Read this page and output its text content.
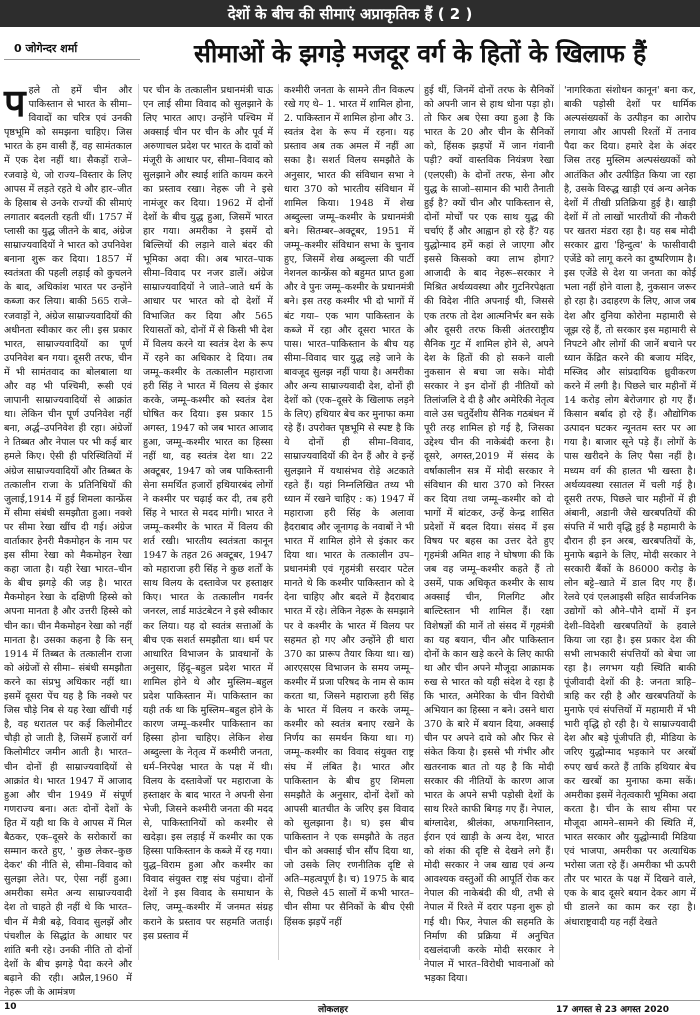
देशों के बीच की सीमाएं अप्राकृतिक हैं ( 2 )
0 जोगेन्दर शर्मा	सीमाओं के झगड़े मजदूर वर्ग के हितों के खिलाफ हैं
प हले तो हमें चीन और पाकिस्तान से भारत के सीमा–विवादों का चरित्र एवं उनकी पृष्ठभूमि को समझना चाहिए। जिस भारत के हम वासी हैं, वह सामंतकाल में एक देश नहीं था। सैकड़ों राजे–रजवाड़े थे, जो राज्य–विस्तार के लिए आपस में लड़ते रहते थे और हार–जीत के हिसाब से उनके राज्यों की सीमाएं लगातार बदलती रहती थीं। 1757 में प्लासी का युद्ध जीतने के बाद, अंग्रेज साम्राज्यवादियों ने भारत को उपनिवेश बनाना शुरू कर दिया। 1857 में स्वतंत्रता की पहली लड़ाई को कुचलने के बाद, अधिकांश भारत पर उन्होंने कब्जा कर लिया। बाकी 565 राजे–रजवाड़ों ने, अंग्रेज साम्राज्यवादियों की अधीनता स्वीकार कर ली। इस प्रकार भारत, साम्राज्यवादियों का पूर्ण उपनिवेश बन गया। दूसरी तरफ, चीन में भी सामंतवाद का बोलबाला था और वह भी पश्चिमी, रूसी एवं जापानी साम्राज्यवादियों से आक्रांत था। लेकिन चीन पूर्ण उपनिवेश नहीं बना, अर्द्ध–उपनिवेश ही रहा। अंग्रेजों ने तिब्बत और नेपाल पर भी कई बार हमले किए। ऐसी ही परिस्थितियों में अंग्रेज साम्राज्यवादियों और तिब्बत के तत्कालीन राजा के प्रतिनिधियों की जुलाई,1914 में हुई शिमला कान्फ्रेंस में सीमा संबंधी समझौता हुआ। नक्शे पर सीमा रेखा खींच दी गई। अंग्रेज वार्ताकार हेनरी मैकमोहन के नाम पर इस सीमा रेखा को मैकमोहन रेखा कहा जाता है। यही रेखा भारत–चीन के बीच झगड़े की जड़ है। भारत मैकमोहन रेखा के दक्षिणी हिस्से को अपना मानता है और उत्तरी हिस्से को चीन का। चीन मैकमोहन रेखा को नहीं मानता है। उसका कहना है कि सन् 1914 में तिब्बत के तत्कालीन राजा को अंग्रेजों से सीमा– संबंधी समझौता करने का संप्रभु अधिकार नहीं था। इसमें दूसरा पेंच यह है कि नक्शे पर जिस चौड़े निब से यह रेखा खींची गई है, वह धरातल पर कई किलोमीटर चौड़ी हो जाती है, जिसमें हजारों वर्ग किलोमीटर जमीन आती है। भारत–चीन दोनों ही साम्राज्यवादियों से आक्रांत थे। भारत 1947 में आजाद हुआ और चीन 1949 में संपूर्ण गणराज्य बना। अतः दोनों देशों के हित में यही था कि वे आपस में मिल बैठकर, एक–दूसरे के सरोकारों का सम्मान करते हुए, ' कुछ लेकर–कुछ देकर' की नीति से, सीमा–विवाद को सुलझा लेते। पर, ऐसा नहीं हुआ। अमरीका समेत अन्य साम्राज्यवादी देश तो चाहते ही नहीं थे कि भारत–चीन में मैत्री बढ़े, विवाद सुलझें और पंचशील के सिद्धांत के आधार पर शांति बनी रहे। उनकी नीति तो दोनों देशों के बीच झगड़े पैदा करने और बढ़ाने की रही। अप्रैल,1960 में नेहरू जी के आमंत्रण
पर चीन के तत्कालीन प्रधानमंत्री चाऊ एन लाई सीमा विवाद को सुलझाने के लिए भारत आए। उन्होंने पश्चिम में अक्साई चीन पर चीन के और पूर्व में अरुणाचल प्रदेश पर भारत के दावों को मंजूरी के आधार पर, सीमा–विवाद को सुलझाने और स्थाई शांति कायम करने का प्रस्ताव रखा। नेहरू जी ने इसे नामंजूर कर दिया। 1962 में दोनों देशों के बीच युद्ध हुआ, जिसमें भारत हार गया। अमरीका ने इसमें दो बिल्लियों की लड़ाने वाले बंदर की भूमिका अदा की। अब भारत–पाक सीमा–विवाद पर नजर डालें। अंग्रेज साम्राज्यवादियों ने जाते–जाते धर्म के आधार पर भारत को दो देशों में विभाजित कर दिया और 565 रियासतों को, दोनों में से किसी भी देश में विलय करने या स्वतंत्र देश के रूप में रहने का अधिकार दे दिया। तब जम्मू–कश्मीर के तत्कालीन महाराजा हरी सिंह ने भारत में विलय से इंकार करके, जम्मू–कश्मीर को स्वतंत्र देश घोषित कर दिया। इस प्रकार 15 अगस्त, 1947 को जब भारत आजाद हुआ, जम्मू–कश्मीर भारत का हिस्सा नहीं था, वह स्वतंत्र देश था। 22 अक्टूबर, 1947 को जब पाकिस्तानी सेना समर्थित हजारों हथियारबंद लोगों ने कश्मीर पर चढ़ाई कर दी, तब हरी सिंह ने भारत से मदद मांगी। भारत ने जम्मू–कश्मीर के भारत में विलय की शर्त रखी। भारतीय स्वतंत्रता कानून 1947 के तहत 26 अक्टूबर, 1947 को महाराजा हरी सिंह ने कुछ शर्तों के साथ विलय के दस्तावेज पर हस्ताक्षर किए। भारत के तत्कालीन गवर्नर जनरल, लार्ड माउंटबेटन ने इसे स्वीकार कर लिया। यह दो स्वतंत्र सत्ताओं के बीच एक सशर्त समझौता था। धर्म पर आधारित विभाजन के प्रावधानों के अनुसार, हिंदू–बहुल प्रदेश भारत में शामिल होने थे और मुस्लिम–बहुल प्रदेश पाकिस्तान में। पाकिस्तान का यही तर्क था कि मुस्लिम–बहुल होने के कारण जम्मू–कश्मीर पाकिस्तान का हिस्सा होना चाहिए। लेकिन शेख अब्दुल्ला के नेतृत्व में कश्मीरी जनता, धर्म–निरपेक्ष भारत के पक्ष में थी। विलय के दस्तावेजों पर महाराजा के हस्ताक्षर के बाद भारत ने अपनी सेना भेजी, जिसने कश्मीरी जनता की मदद से, पाकिस्तानियों को कश्मीर से खदेड़ा। इस लड़ाई में कश्मीर का एक हिस्सा पाकिस्तान के कब्जे में रह गया। युद्ध–विराम हुआ और कश्मीर का विवाद संयुक्त राष्ट्र संघ पहुंचा। दोनों देशों ने इस विवाद के समाधान के लिए, जम्मू–कश्मीर में जनमत संग्रह कराने के प्रस्ताव पर सहमति जताई। इस प्रस्ताव में
कश्मीरी जनता के सामने तीन विकल्प रखे गए थे– 1. भारत में शामिल होना, 2. पाकिस्तान में शामिल होना और 3. स्वतंत्र देश के रूप में रहना। यह प्रस्ताव अब तक अमल में नहीं आ सका है। सशर्त विलय समझौते के अनुसार, भारत की संविधान सभा ने धारा 370 को भारतीय संविधान में शामिल किया। 1948 में शेख अब्दुल्ला जम्मू–कश्मीर के प्रधानमंत्री बने। सितम्बर–अक्टूबर, 1951 में जम्मू–कश्मीर संविधान सभा के चुनाव हुए, जिसमें शेख अब्दुल्ला की पार्टी नेशनल कान्फ्रेंस को बहुमत प्राप्त हुआ और वे पुनः जम्मू–कश्मीर के प्रधानमंत्री बने। इस तरह कश्मीर भी दो भागों में बंट गया– एक भाग पाकिस्तान के कब्जे में रहा और दूसरा भारत के पास। भारत–पाकिस्तान के बीच यह सीमा–विवाद चार युद्ध लड़े जाने के बावजूद सुलझ नहीं पाया है। अमरीका और अन्य साम्राज्यवादी देश, दोनों ही देशों को (एक–दूसरे के खिलाफ लड़ने के लिए) हथियार बेच कर मुनाफा कमा रहे हैं। उपरोक्त पृष्ठभूमि से स्पष्ट है कि ये दोनों ही सीमा–विवाद, साम्राज्यवादियों की देन हैं और वे इन्हें सुलझाने में यथासंभव रोड़े अटकाते रहते हैं। यहां निम्नलिखित तथ्य भी ध्यान में रखने चाहिए : क) 1947 में महाराजा हरी सिंह के अलावा हैदराबाद और जूनागढ़ के नवाबों ने भी भारत में शामिल होने से इंकार कर दिया था। भारत के तत्कालीन उप–प्रधानमंत्री एवं गृहमंत्री सरदार पटेल मानते थे कि कश्मीर पाकिस्तान को दे देना चाहिए और बदले में हैदराबाद भारत में रहे। लेकिन नेहरू के समझाने पर वे कश्मीर के भारत में विलय पर सहमत हो गए और उन्होंने ही धारा 370 का प्रारूप तैयार किया था। ख) आरएसएस विभाजन के समय जम्मू–कश्मीर में प्रजा परिषद के नाम से काम करता था, जिसने महाराजा हरी सिंह के भारत में विलय न करके जम्मू–कश्मीर को स्वतंत्र बनाए रखने के निर्णय का समर्थन किया था। ग) जम्मू–कश्मीर का विवाद संयुक्त राष्ट्र संघ में लंबित है। भारत और पाकिस्तान के बीच हुए शिमला समझौते के अनुसार, दोनों देशों को आपसी बातचीत के जरिए इस विवाद को सुलझाना है। घ) इस बीच पाकिस्तान ने एक समझौते के तहत चीन को अक्साई चीन सौंप दिया था, जो उसके लिए रणनीतिक दृष्टि से अति–महत्वपूर्ण है। च) 1975 के बाद से, पिछले 45 सालों में कभी भारत–चीन सीमा पर सैनिकों के बीच ऐसी हिंसक झड़पें नहीं
हुई थीं, जिनमें दोनों तरफ के सैनिकों को अपनी जान से हाथ धोना पड़ा हो। तो फिर अब ऐसा क्या हुआ है कि भारत के 20 और चीन के सैनिकों को, हिंसक झड़पों में जान गंवानी पड़ी? क्यों वास्तविक नियंत्रण रेखा (एलएसी) के दोनों तरफ, सेना और युद्ध के साजो–सामान की भारी तैनाती हुई है? क्यों चीन और पाकिस्तान से, दोनों मोर्चों पर एक साथ युद्ध की चर्चाएं हैं और आह्वान हो रहे हैं? यह युद्धोन्माद हमें कहां ले जाएगा और इससे किसको क्या लाभ होगा? आजादी के बाद नेहरू–सरकार ने मिश्रित अर्थव्यवस्था और गुटनिरपेक्षता की विदेश नीति अपनाई थी, जिससे एक तरफ तो देश आत्मनिर्भर बन सके और दूसरी तरफ किसी अंतरराष्ट्रीय सैनिक गुट में शामिल होने से, अपने देश के हितों की हो सकने वाली नुकसान से बचा जा सके। मोदी सरकार ने इन दोनों ही नीतियों को तिलांजलि दे दी है और अमेरिकी नेतृत्व वाले उस चतुर्देशीय सैनिक गठबंधन में पूरी तरह शामिल हो गई है, जिसका उद्देश्य चीन की नाकेबंदी करना है। दूसरे, अगस्त,2019 में संसद के वर्षाकालीन सत्र में मोदी सरकार ने संविधान की धारा 370 को निरस्त कर दिया तथा जम्मू–कश्मीर को दो भागों में बांटकर, उन्हें केन्द्र शासित प्रदेशों में बदल दिया। संसद में इस विषय पर बहस का उत्तर देते हुए गृहमंत्री अमित शाह ने घोषणा की कि जब वह जम्मू–कश्मीर कहते हैं तो उसमें, पाक अधिकृत कश्मीर के साथ अक्साई चीन, गिलगिट और बाल्टिस्तान भी शामिल हैं। रक्षा विशेषज्ञों की मानें तो संसद में गृहमंत्री का यह बयान, चीन और पाकिस्तान दोनों के कान खड़े करने के लिए काफी था और चीन अपने मौजूदा आक्रामक रुख से भारत को यही संदेश दे रहा है कि भारत, अमेरिका के चीन विरोधी अभियान का हिस्सा न बने। उसने धारा 370 के बारे में बयान दिया, अक्साई चीन पर अपने दावे को और फिर से संकेत किया है। इससे भी गंभीर और खतरनाक बात तो यह है कि मोदी सरकार की नीतियों के कारण आज भारत के अपने सभी पड़ोसी देशों के साथ रिश्ते काफी बिगड़ गए हैं। नेपाल, बांग्लादेश, श्रीलंका, अफगानिस्तान, ईरान एवं खाड़ी के अन्य देश, भारत को शंका की दृष्टि से देखने लगे हैं। मोदी सरकार ने जब खाद्य एवं अन्य आवश्यक वस्तुओं की आपूर्ति रोक कर नेपाल की नाकेबंदी की थी, तभी से नेपाल में रिश्ते में दरार पड़ना शुरू हो गई थी। फिर, नेपाल की सहमति के निर्माण की प्रक्रिया में अनुचित दखलंदाजी करके मोदी सरकार ने नेपाल में भारत–विरोधी भावनाओं को भड़का दिया।
'नागरिकता संशोधन कानून' बना कर, बाकी पड़ोसी देशों पर धार्मिक अल्पसंख्यकों के उत्पीड़न का आरोप लगाया और आपसी रिश्तों में तनाव पैदा कर दिया। हमारे देश के अंदर जिस तरह मुस्लिम अल्पसंख्यकों को आतंकित और उत्पीड़ित किया जा रहा है, उसके विरुद्ध खाड़ी एवं अन्य अनेक देशों में तीखी प्रतिक्रिया हुई है। खाड़ी देशों में तो लाखों भारतीयों की नौकरी पर खतरा मंडरा रहा है। यह सब मोदी सरकार द्वारा 'हिन्दुत्व' के फासीवादी एजेंडे को लागू करने का दुष्परिणाम है। इस एजेंडे से देश या जनता का कोई भला नहीं होने वाला है, नुकसान जरूर हो रहा है। उदाहरण के लिए, आज जब देश और दुनिया कोरोना महामारी से जूझ रहे हैं, तो सरकार इस महामारी से निपटने और लोगों की जानें बचाने पर ध्यान केंद्रित करने की बजाय मंदिर, मस्जिद और सांप्रदायिक ध्रुवीकरण करने में लगी है। पिछले चार महीनों में 14 करोड़ लोग बेरोजगार हो गए हैं। किसान बर्बाद हो रहे हैं। औद्योगिक उत्पादन घटकर न्यूनतम स्तर पर आ गया है। बाजार सूने पड़े हैं। लोगों के पास खरीदने के लिए पैसा नहीं है। मध्यम वर्ग की हालत भी खस्ता है। अर्थव्यवस्था रसातल में चली गई है। दूसरी तरफ, पिछले चार महीनों में ही अंबानी, अडानी जैसे खरबपतियों की संपत्ति में भारी वृद्धि हुई है महामारी के दौरान ही इन अरब, खरबपतियों के, मुनाफे बढ़ाने के लिए, मोदी सरकार ने सरकारी बैंकों के 86000 करोड़ के लोन बट्टे–खाते में डाल दिए गए हैं। रेलवे एवं एलआइसी सहित सार्वजनिक उद्योगों को औने–पौने दामों में इन देशी–विदेशी खरबपतियों के हवाले किया जा रहा है। इस प्रकार देश की सभी लाभकारी संपत्तियों को बेचा जा रहा है। लगभग यही स्थिति बाकी पूंजीवादी देशों की है: जनता त्राहि–त्राहि कर रही है और खरबपतियों के मुनाफे एवं संपत्तियों में महामारी में भी भारी वृद्धि हो रही है। ये साम्राज्यवादी देश और बड़े पूंजीपति ही, मीडिया के जरिए युद्धोन्माद भड़काने पर अरबों रुपए खर्च करते हैं ताकि हथियार बेच कर खरबों का मुनाफा कमा सकें। अमरीका इसमें नेतृत्वकारी भूमिका अदा करता है। चीन के साथ सीमा पर मौजूदा आमने–सामने की स्थिति में, भारत सरकार और युद्धोन्मादी मिडिया एवं भाजपा, अमरीका पर अत्याधिक भरोसा जता रहे हैं। अमरीका भी ऊपरी तौर पर भारत के पक्ष में दिखने वाले, एक के बाद दूसरे बयान देकर आग में घी डालने का काम कर रहा है। अंधाराष्ट्रवादी यह नहीं देखते
10	लोकलहर	17 अगस्त से 23 अगस्त 2020
